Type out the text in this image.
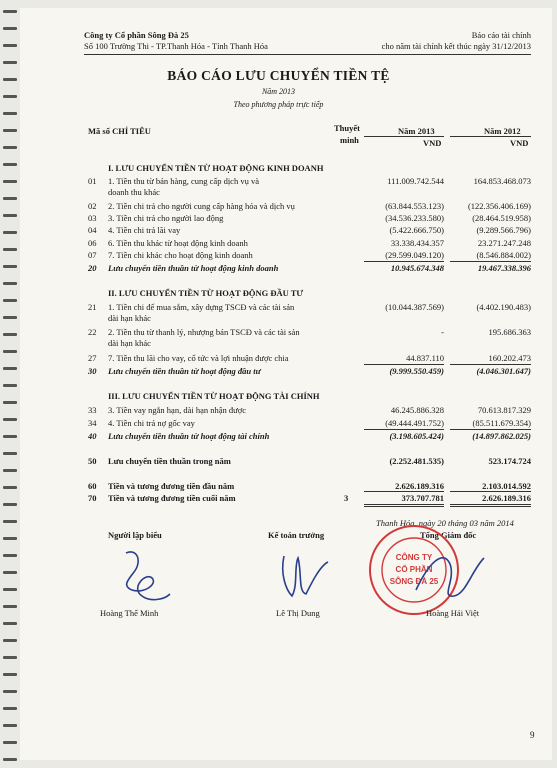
Công ty Cổ phần Sông Đà 25
Số 100 Trường Thi - TP.Thanh Hóa - Tỉnh Thanh Hóa
Báo cáo tài chính
cho năm tài chính kết thúc ngày 31/12/2013
BÁO CÁO LƯU CHUYỂN TIỀN TỆ
Năm 2013
Theo phương pháp trực tiếp
Mã số CHỈ TIÊU	Thuyết
minh
Năm 2013	Năm 2012
VND	VND
I. LƯU CHUYỂN TIỀN TỪ HOẠT ĐỘNG KINH DOANH
01 1. Tiền thu từ bán hàng, cung cấp dịch vụ và
doanh thu khác
111.009.742.544	164.853.468.073
02 2. Tiền chi trả cho người cung cấp hàng hóa và dịch vụ	(63.844.553.123)	(122.356.406.169)
03 3. Tiền chi trả cho người lao động	(34.536.233.580)	(28.464.519.958)
04 4. Tiền chi trả lãi vay	(5.422.666.750)	(9.289.566.796)
06 6. Tiền thu khác từ hoạt động kinh doanh	33.338.434.357	23.271.247.248
07 7. Tiền chi khác cho hoạt động kinh doanh	(29.599.049.120)	(8.546.884.002)
20 Lưu chuyển tiền thuần từ hoạt động kinh doanh	10.945.674.348	19.467.338.396
II. LƯU CHUYỂN TIỀN TỪ HOẠT ĐỘNG ĐẦU TƯ
21 1. Tiền chi để mua sắm, xây dựng TSCĐ và các tài sản
dài hạn khác
(10.044.387.569)	(4.402.190.483)
22 2. Tiền thu từ thanh lý, nhượng bán TSCĐ và các tài sản
dài hạn khác
-	195.686.363
27 7. Tiền thu lãi cho vay, cổ tức và lợi nhuận được chia	44.837.110	160.202.473
30 Lưu chuyển tiền thuần từ hoạt động đầu tư	(9.999.550.459)	(4.046.301.647)
III. LƯU CHUYỂN TIỀN TỪ HOẠT ĐỘNG TÀI CHÍNH
33 3. Tiền vay ngắn hạn, dài hạn nhận được	46.245.886.328	70.613.817.329
34 4. Tiền chi trả nợ gốc vay	(49.444.491.752)	(85.511.679.354)
40 Lưu chuyển tiền thuần từ hoạt động tài chính	(3.198.605.424)	(14.897.862.025)
50 Lưu chuyển tiền thuần trong năm	(2.252.481.535)	523.174.724
60 Tiền và tương đương tiền đầu năm	2.626.189.316	2.103.014.592
70 Tiền và tương đương tiền cuối năm	3	373.707.781	2.626.189.316
Thanh Hóa, ngày 20 tháng 03 năm 2014
Người lập biểu	Kế toán trưởng	Tổng Giám đốc
CÔNG TY
CỔ PHẦN
SÔNG ĐÀ 25
Hoàng Thế Minh	Lê Thị Dung	Hoàng Hải Việt
9
